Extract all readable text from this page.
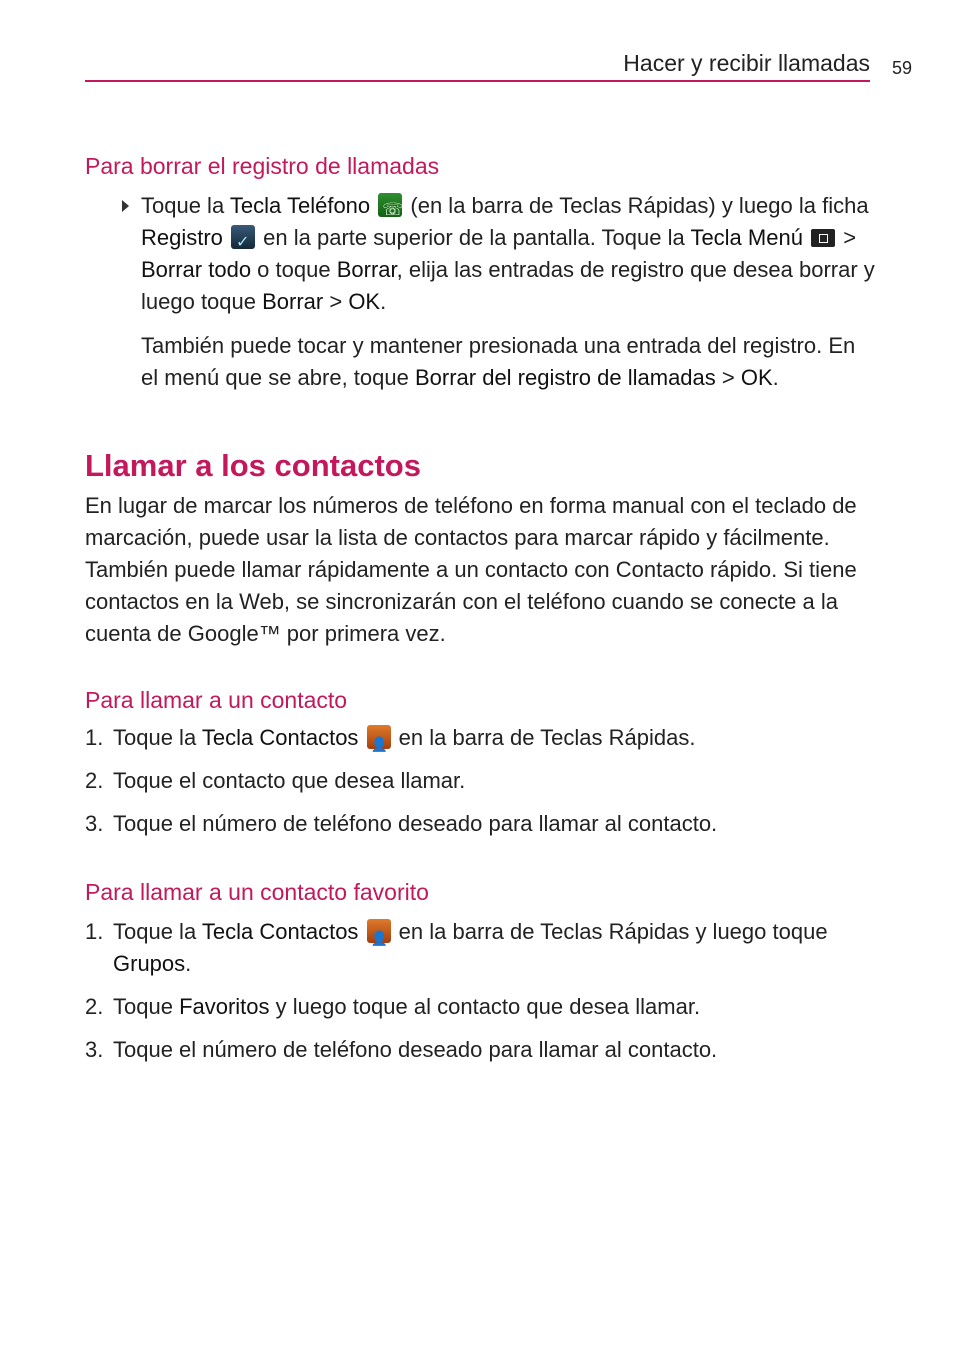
Hacer y recibir llamadas 59
Para borrar el registro de llamadas

Toque la Tecla Teléfono ☏ (en la barra de Teclas Rápidas) y luego la ficha Registro ✓ en la parte superior de la pantalla. Toque la Tecla Menú  > Borrar todo o toque Borrar, elija las entradas de registro que desea borrar y luego toque Borrar > OK.

También puede tocar y mantener presionada una entrada del registro. En el menú que se abre, toque Borrar del registro de llamadas > OK.

Llamar a los contactos

En lugar de marcar los números de teléfono en forma manual con el teclado de marcación, puede usar la lista de contactos para marcar rápido y fácilmente. También puede llamar rápidamente a un contacto con Contacto rápido. Si tiene contactos en la Web, se sincronizarán con el teléfono cuando se conecte a la cuenta de Google™ por primera vez.

Para llamar a un contacto
1. Toque la Tecla Contactos 👤 en la barra de Teclas Rápidas.
2. Toque el contacto que desea llamar.
3. Toque el número de teléfono deseado para llamar al contacto.
Para llamar a un contacto favorito
1. Toque la Tecla Contactos 👤 en la barra de Teclas Rápidas y luego toque Grupos.
2. Toque Favoritos y luego toque al contacto que desea llamar.
3. Toque el número de teléfono deseado para llamar al contacto.
